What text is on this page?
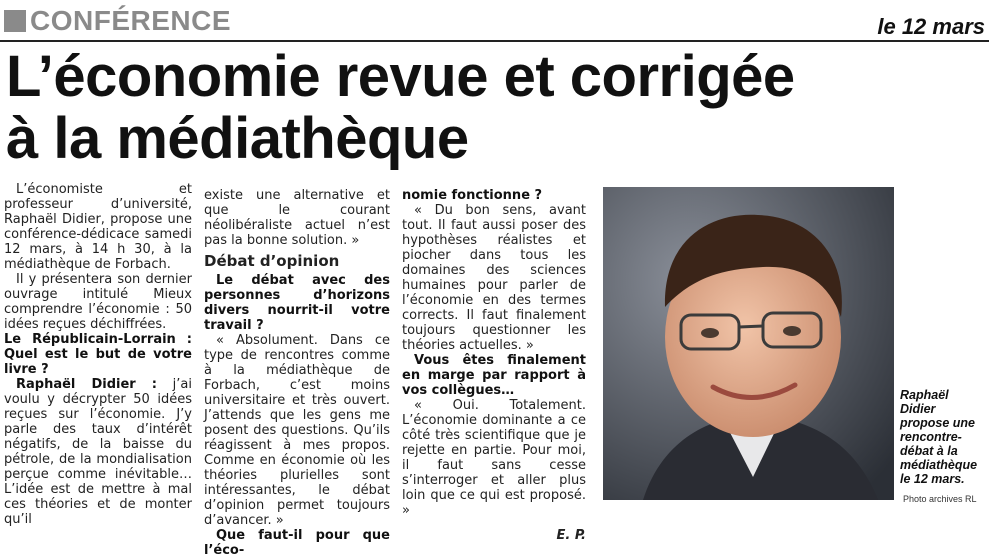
CONFÉRENCE	le 12 mars
L’économie revue et corrigée
à la médiathèque

L’économiste et professeur d’université, Raphaël Didier, propose une conférence-dédicace samedi 12 mars, à 14 h 30, à la médiathèque de Forbach.

Il y présentera son dernier ouvrage intitulé Mieux comprendre l’économie : 50 idées reçues déchiffrées.

Le Républicain-Lorrain : Quel est le but de votre livre ?

Raphaël Didier : j’ai voulu y décrypter 50 idées reçues sur l’économie. J’y parle des taux d’intérêt négatifs, de la baisse du pétrole, de la mondialisation perçue comme inévitable… L’idée est de mettre à mal ces théories et de monter qu’il

existe une alternative et que le courant néolibéraliste actuel n’est pas la bonne solution. »

Débat d’opinion

Le débat avec des personnes d’horizons divers nourrit-il votre travail ?

« Absolument. Dans ce type de rencontres comme à la médiathèque de Forbach, c’est moins universitaire et très ouvert. J’attends que les gens me posent des questions. Qu’ils réagissent à mes propos. Comme en économie où les théories plurielles sont intéressantes, le débat d’opinion permet toujours d’avancer. »

Que faut-il pour que l’éco-

nomie fonctionne ?

« Du bon sens, avant tout. Il faut aussi poser des hypothèses réalistes et piocher dans tous les domaines des sciences humaines pour parler de l’économie en des termes corrects. Il faut finalement toujours questionner les théories actuelles. »

Vous êtes finalement en marge par rapport à vos collègues…

« Oui. Totalement. L’économie dominante a ce côté très scientifique que je rejette en partie. Pour moi, il faut sans cesse s’interroger et aller plus loin que ce qui est proposé. »

E. P.

Raphaël Didier propose une rencontre-débat à la médiathèque le 12 mars.
Photo archives RL
